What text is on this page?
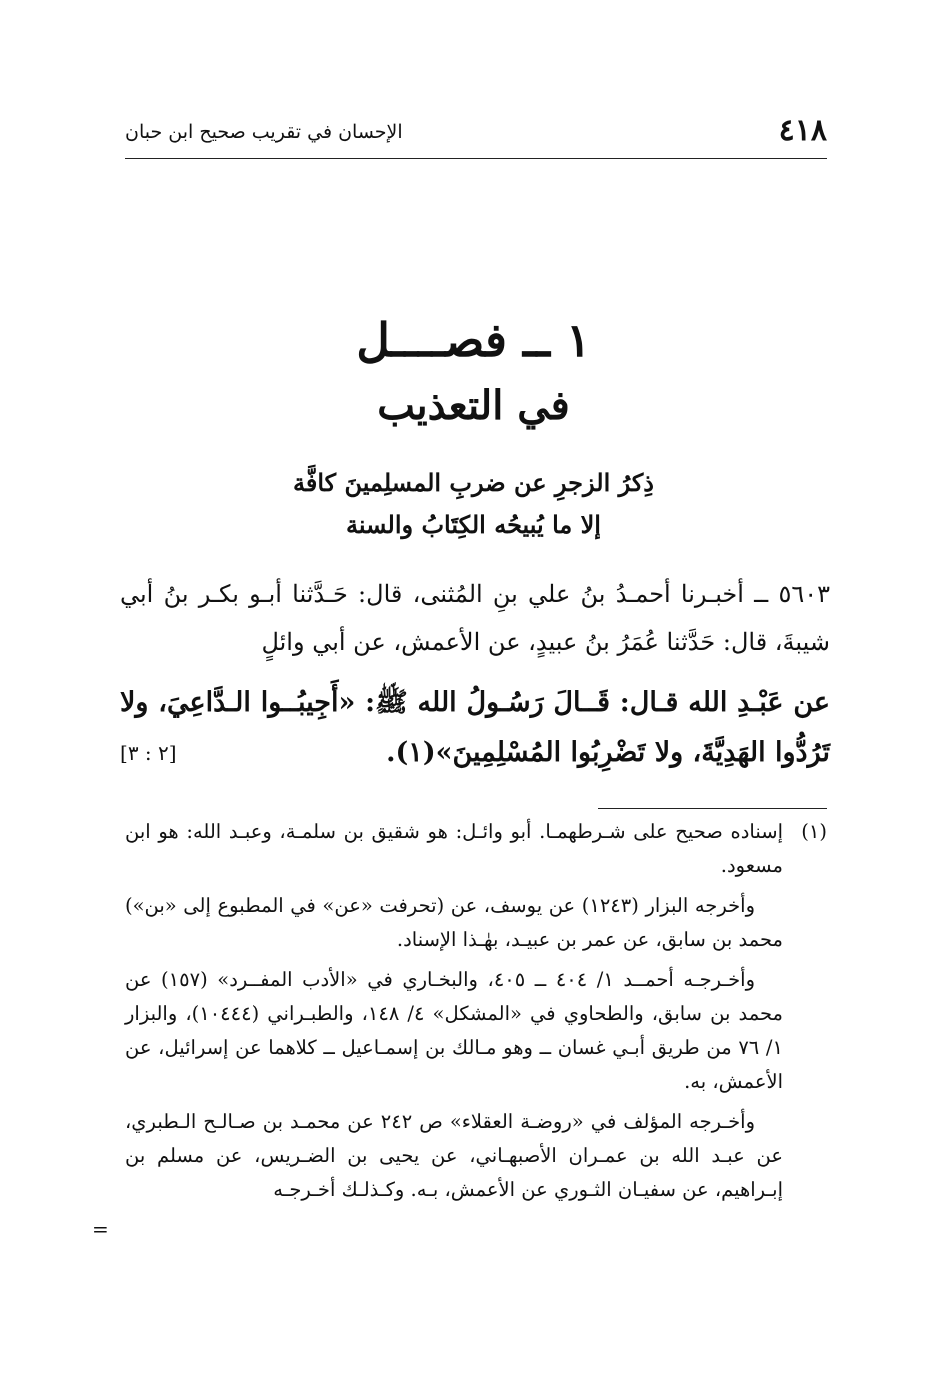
٤١٨
الإحسان في تقريب صحيح ابن حبان
١ ــ فصــــل
في التعذيب
ذِكرُ الزجرِ عن ضربِ المسلِمينَ كافَّة
إلا ما يُبيحُه الكِتَابُ والسنة
٥٦٠٣ ــ أخبـرنا أحمـدُ بنُ علي بنِ المُثنى، قال: حَـدَّثنا أبـو بكـر بنُ أبي شيبةَ، قال: حَدَّثنا عُمَرُ بنُ عبيدٍ، عن الأعمش، عن أبي وائلٍ
عن عَبْـدِ الله قـال: قَــالَ رَسُـولُ الله ﷺ: «أَجِيبُــوا الـدَّاعِيَ، ولا تَرُدُّوا الهَدِيَّةَ، ولا تَضْرِبُوا المُسْلِمِينَ»(١).
[٢ : ٣]
(١)
إسناده صحيح على شـرطهمـا. أبو وائـل: هو شقيق بن سلمـة، وعبـد الله: هو ابن مسعود.
وأخرجه البزار (١٢٤٣) عن يوسف، عن (تحرفت «عن» في المطبوع إلى «بن») محمد بن سابق، عن عمر بن عبيـد، بهٰـذا الإسناد.
وأخـرجـه أحمــد ١/ ٤٠٤ ــ ٤٠٥، والبخـاري في «الأدب المفــرد» (١٥٧) عن محمد بن سابق، والطحاوي في «المشكل» ٤/ ١٤٨، والطبـراني (١٠٤٤٤)، والبزار ١/ ٧٦ من طريق أبـي غسان ــ وهو مـالك بن إسمـاعيل ــ كلاهما عن إسرائيل، عن الأعمش، به.
وأخـرجه المؤلف في «روضـة العقلاء» ص ٢٤٢ عن محمـد بن صـالـح الـطبري، عن عبـد الله بن عمـران الأصبهـاني، عن يحيى بن الضـريس، عن مسلم بن إبـراهيم، عن سفيـان الثـوري عن الأعمش، بـه. وكـذلـك أخـرجـه
=
